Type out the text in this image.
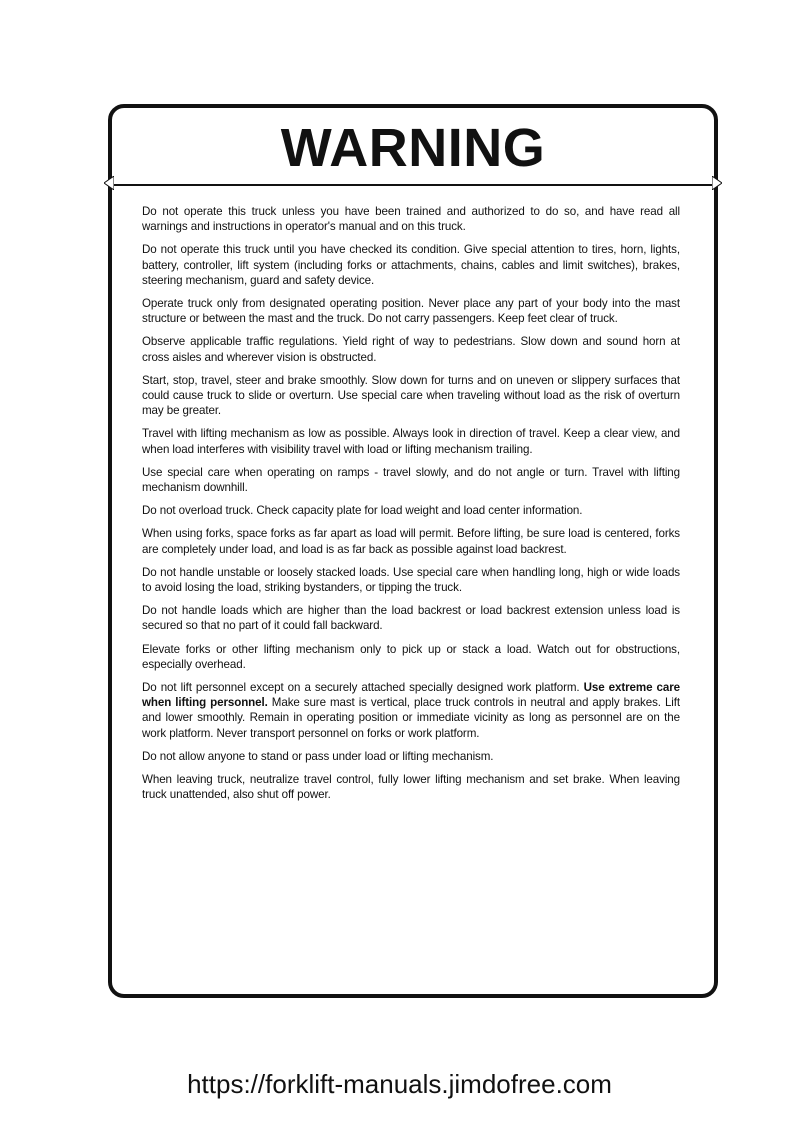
WARNING

Do not operate this truck unless you have been trained and authorized to do so, and have read all warnings and instructions in operator's manual and on this truck.

Do not operate this truck until you have checked its condition. Give special attention to tires, horn, lights, battery, controller, lift system (including forks or attachments, chains, cables and limit switches), brakes, steering mechanism, guard and safety device.

Operate truck only from designated operating position. Never place any part of your body into the mast structure or between the mast and the truck. Do not carry passengers. Keep feet clear of truck.

Observe applicable traffic regulations. Yield right of way to pedestrians. Slow down and sound horn at cross aisles and wherever vision is obstructed.

Start, stop, travel, steer and brake smoothly. Slow down for turns and on uneven or slippery surfaces that could cause truck to slide or overturn. Use special care when traveling without load as the risk of overturn may be greater.

Travel with lifting mechanism as low as possible. Always look in direction of travel. Keep a clear view, and when load interferes with visibility travel with load or lifting mechanism trailing.

Use special care when operating on ramps - travel slowly, and do not angle or turn. Travel with lifting mechanism downhill.

Do not overload truck. Check capacity plate for load weight and load center information.

When using forks, space forks as far apart as load will permit. Before lifting, be sure load is centered, forks are completely under load, and load is as far back as possible against load backrest.

Do not handle unstable or loosely stacked loads. Use special care when handling long, high or wide loads to avoid losing the load, striking bystanders, or tipping the truck.

Do not handle loads which are higher than the load backrest or load backrest extension unless load is secured so that no part of it could fall backward.

Elevate forks or other lifting mechanism only to pick up or stack a load. Watch out for obstructions, especially overhead.

Do not lift personnel except on a securely attached specially designed work platform. Use extreme care when lifting personnel. Make sure mast is vertical, place truck controls in neutral and apply brakes. Lift and lower smoothly. Remain in operating position or immediate vicinity as long as personnel are on the work platform. Never transport personnel on forks or work platform.

Do not allow anyone to stand or pass under load or lifting mechanism.

When leaving truck, neutralize travel control, fully lower lifting mechanism and set brake. When leaving truck unattended, also shut off power.

https://forklift-manuals.jimdofree.com
